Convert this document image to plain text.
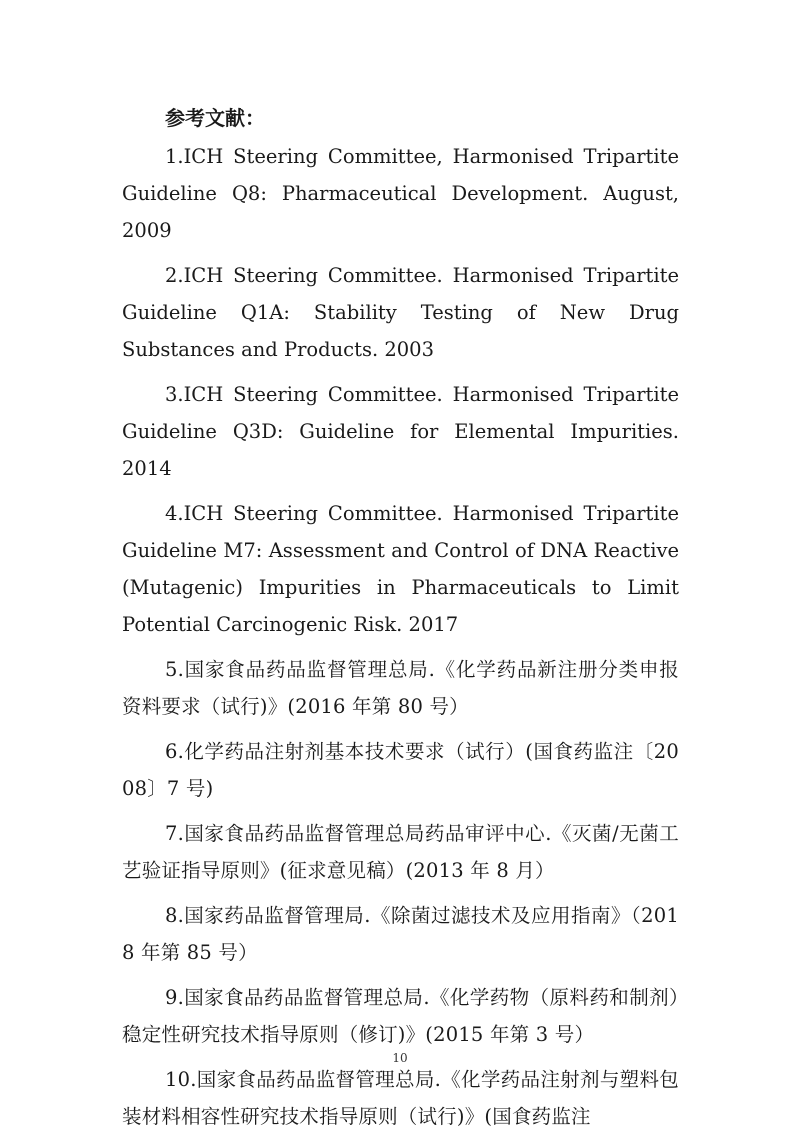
参考文献：

1.ICH Steering Committee, Harmonised Tripartite Guideline Q8: Pharmaceutical Development. August, 2009

2.ICH Steering Committee. Harmonised Tripartite Guideline Q1A: Stability Testing of New Drug Substances and Products. 2003

3.ICH Steering Committee. Harmonised Tripartite Guideline Q3D: Guideline for Elemental Impurities. 2014

4.ICH Steering Committee. Harmonised Tripartite Guideline M7: Assessment and Control of DNA Reactive (Mutagenic) Impurities in Pharmaceuticals to Limit Potential Carcinogenic Risk. 2017

5.国家食品药品监督管理总局.《化学药品新注册分类申报资料要求（试行)》(2016 年第 80 号）

6.化学药品注射剂基本技术要求（试行）(国食药监注〔2008〕7 号)

7.国家食品药品监督管理总局药品审评中心.《灭菌/无菌工艺验证指导原则》(征求意见稿）(2013 年 8 月）

8.国家药品监督管理局.《除菌过滤技术及应用指南》（2018 年第 85 号）

9.国家食品药品监督管理总局.《化学药物（原料药和制剂）稳定性研究技术指导原则（修订)》(2015 年第 3 号）

10.国家食品药品监督管理总局.《化学药品注射剂与塑料包装材料相容性研究技术指导原则（试行)》(国食药监注

10
